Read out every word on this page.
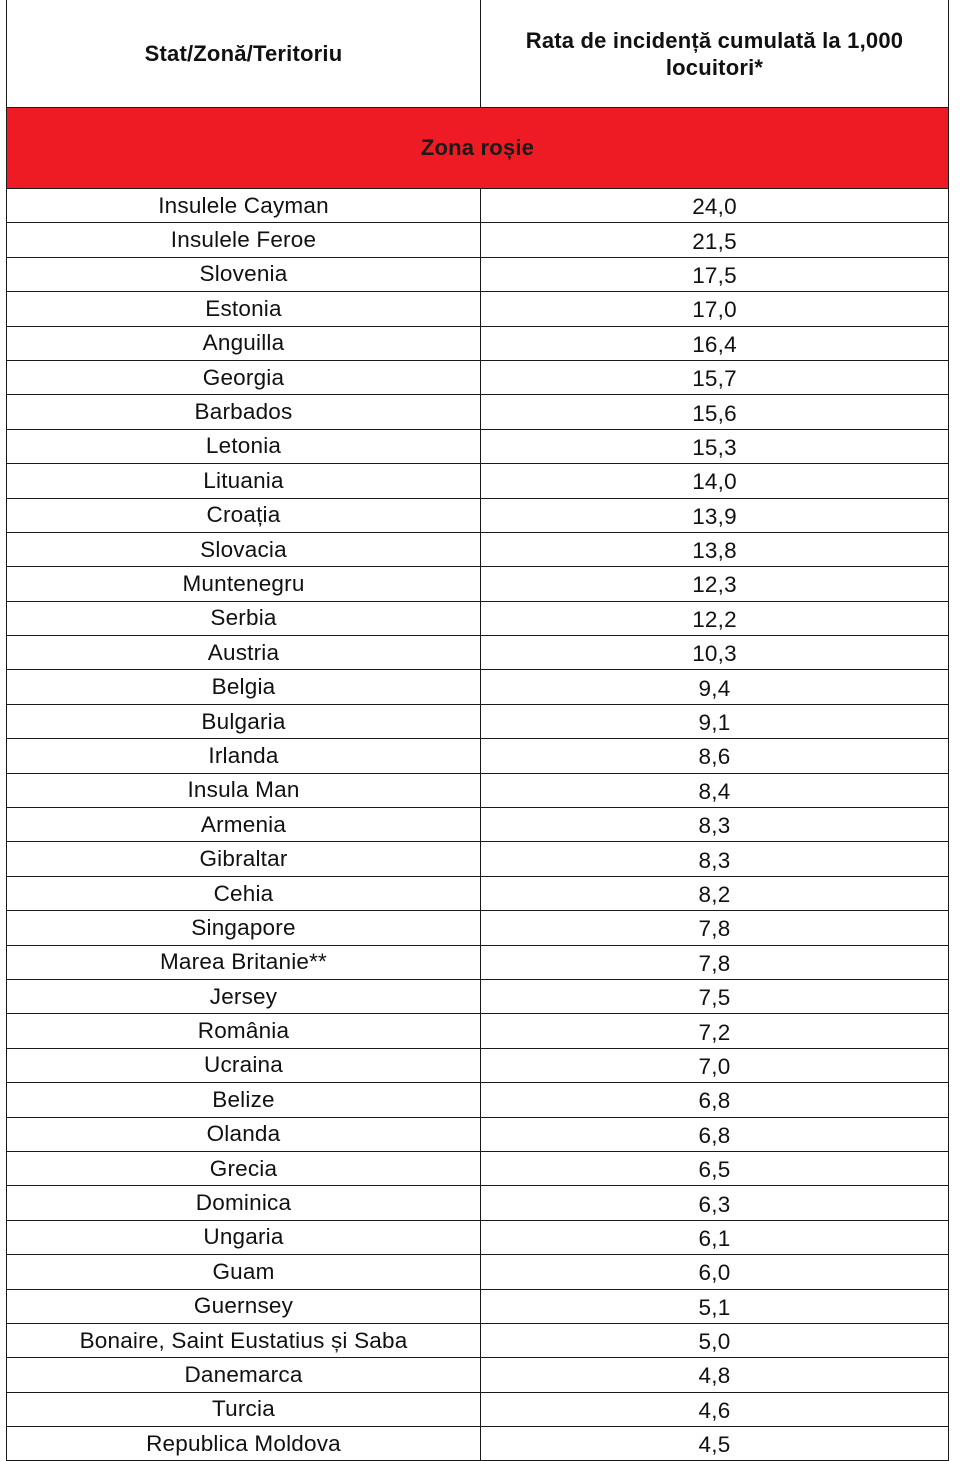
Stat/Zonă/Teritoriu	Rata de incidență cumulată la 1,000 locuitori*
Zona roșie	
Insulele Cayman	24,0
Insulele Feroe	21,5
Slovenia	17,5
Estonia	17,0
Anguilla	16,4
Georgia	15,7
Barbados	15,6
Letonia	15,3
Lituania	14,0
Croația	13,9
Slovacia	13,8
Muntenegru	12,3
Serbia	12,2
Austria	10,3
Belgia	9,4
Bulgaria	9,1
Irlanda	8,6
Insula Man	8,4
Armenia	8,3
Gibraltar	8,3
Cehia	8,2
Singapore	7,8
Marea Britanie**	7,8
Jersey	7,5
România	7,2
Ucraina	7,0
Belize	6,8
Olanda	6,8
Grecia	6,5
Dominica	6,3
Ungaria	6,1
Guam	6,0
Guernsey	5,1
Bonaire, Saint Eustatius și Saba	5,0
Danemarca	4,8
Turcia	4,6
Republica Moldova	4,5
